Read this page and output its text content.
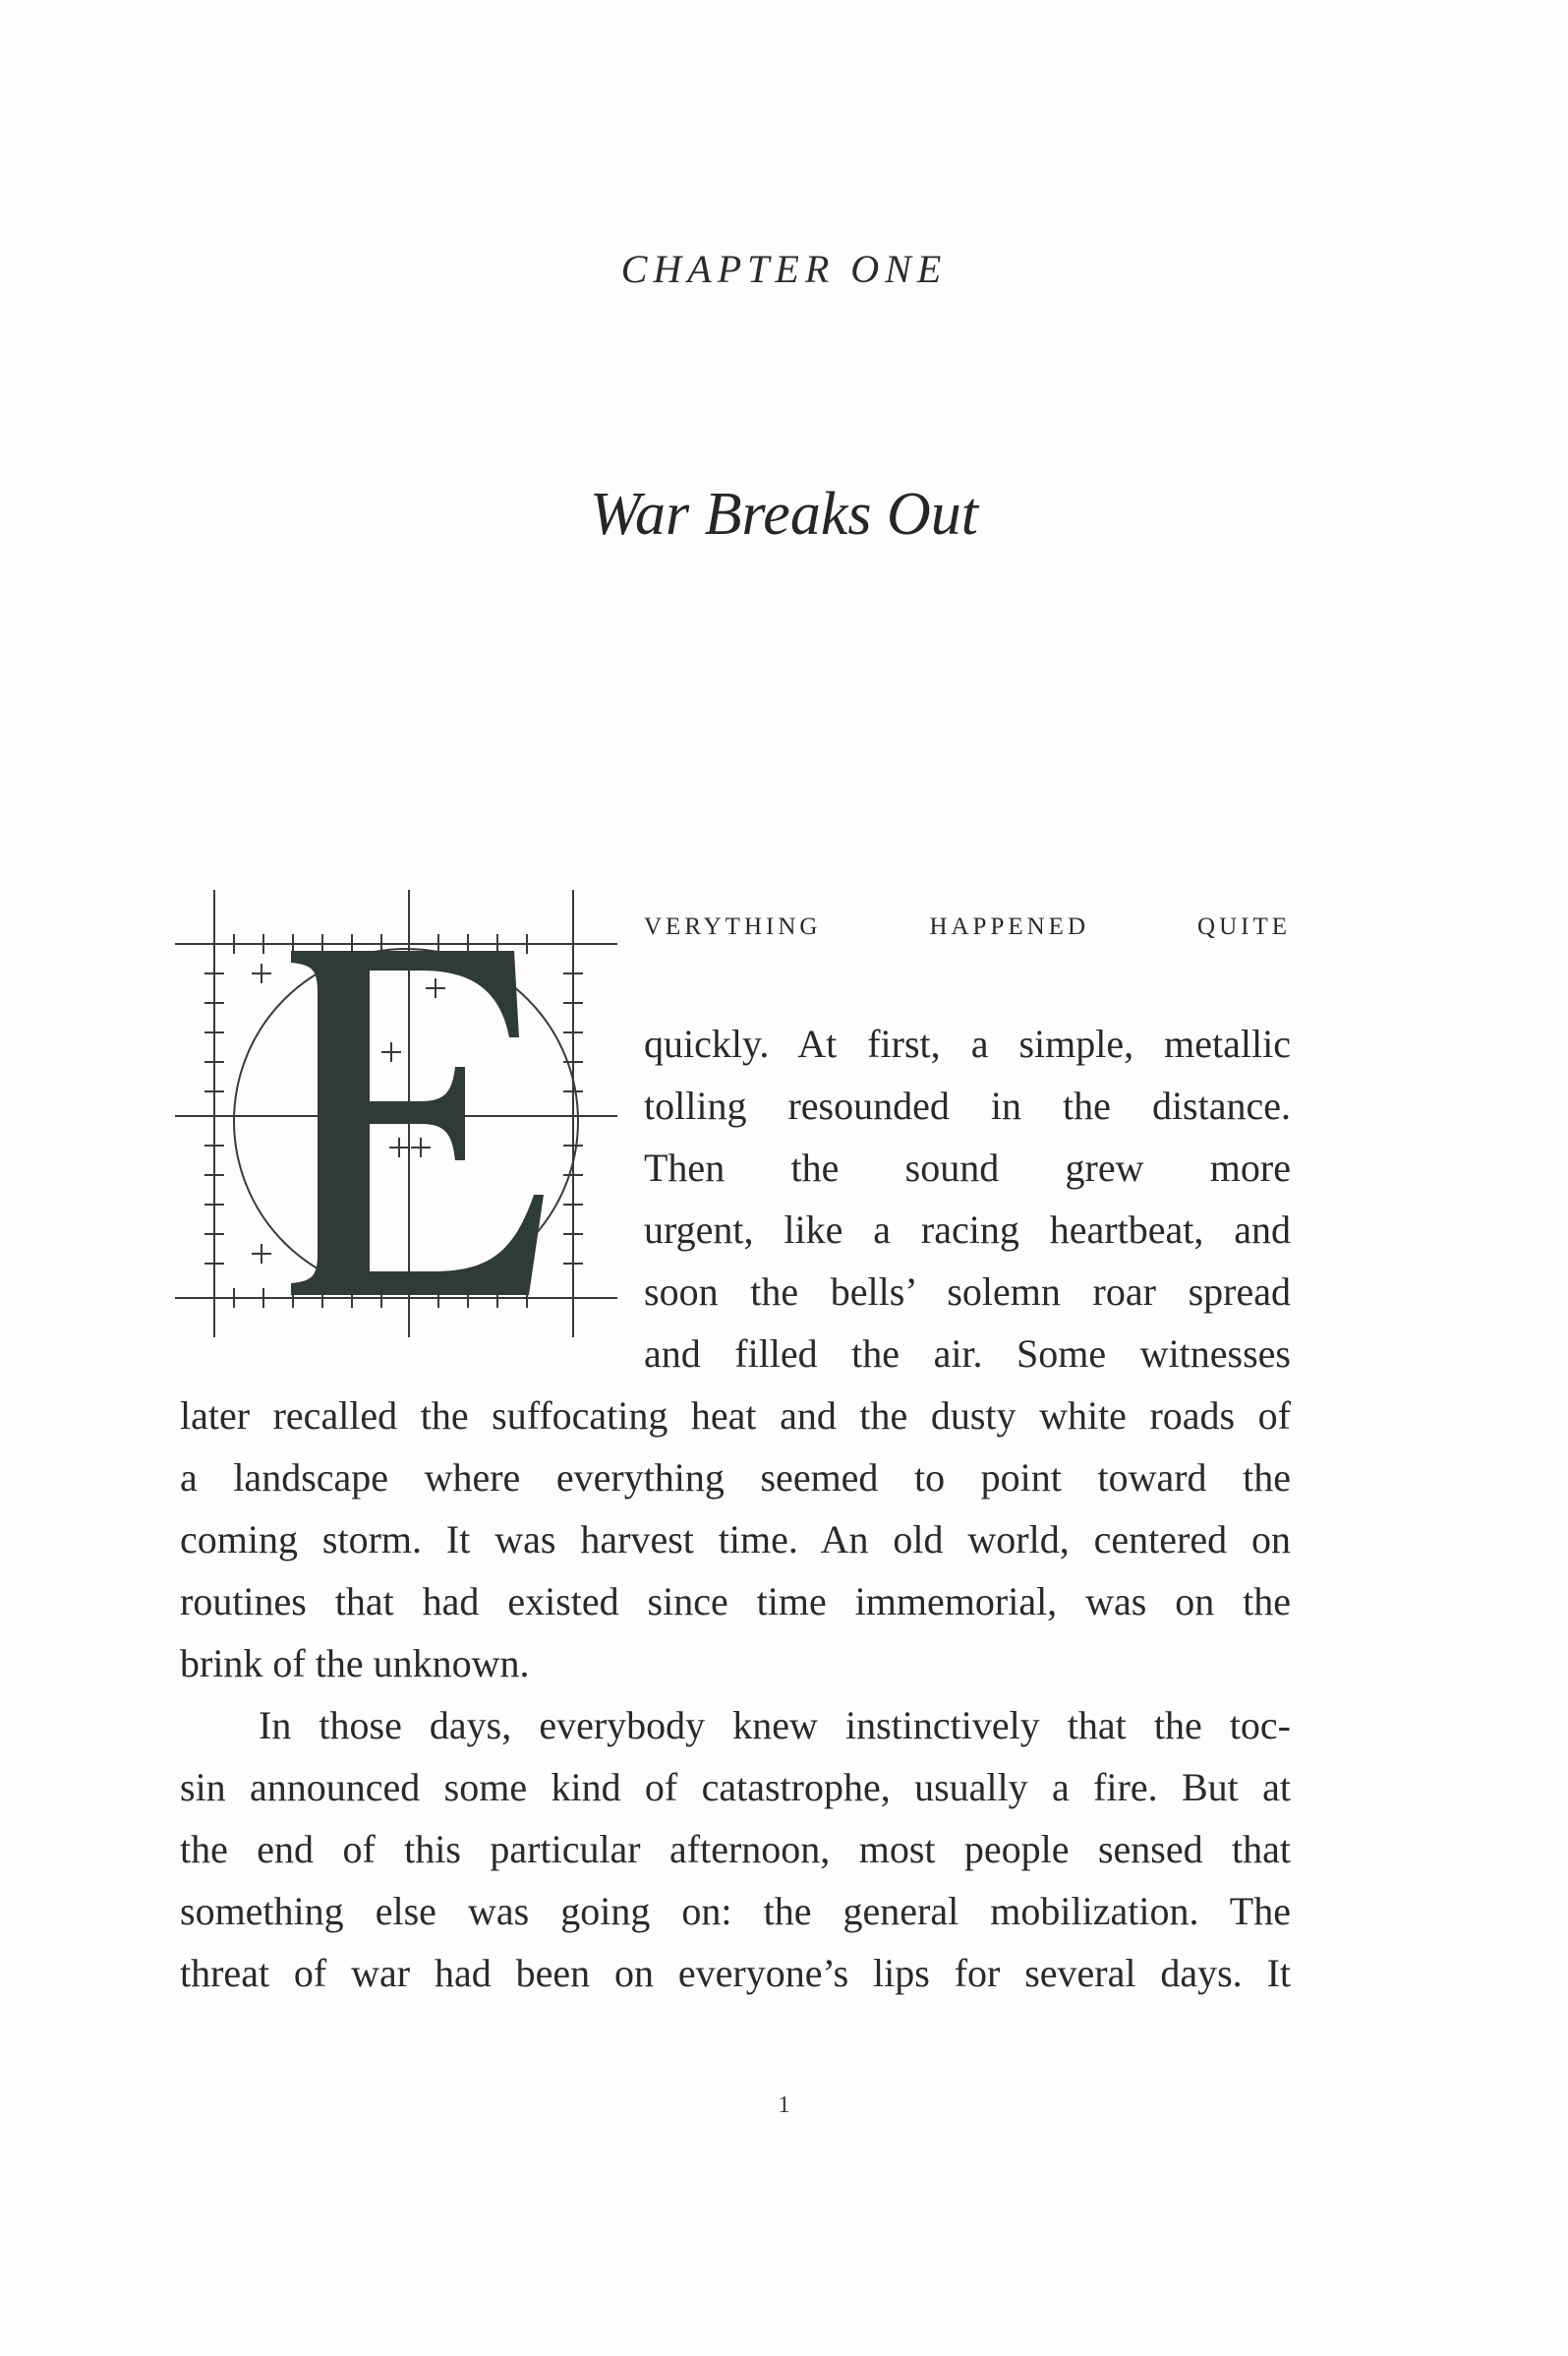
CHAPTER ONE
War Breaks Out
verything happened quite
quickly. At first, a simple, metallic
tolling resounded in the distance.
Then the sound grew more
urgent, like a racing heartbeat, and
soon the bells’ solemn roar spread
and filled the air. Some witnesses
later recalled the suffocating heat and the dusty white roads of
a landscape where everything seemed to point toward the
coming storm. It was harvest time. An old world, centered on
routines that had existed since time immemorial, was on the
brink of the unknown.
In those days, everybody knew instinctively that the toc-
sin announced some kind of catastrophe, usually a fire. But at
the end of this particular afternoon, most people sensed that
something else was going on: the general mobilization. The
threat of war had been on everyone’s lips for several days. It
1
